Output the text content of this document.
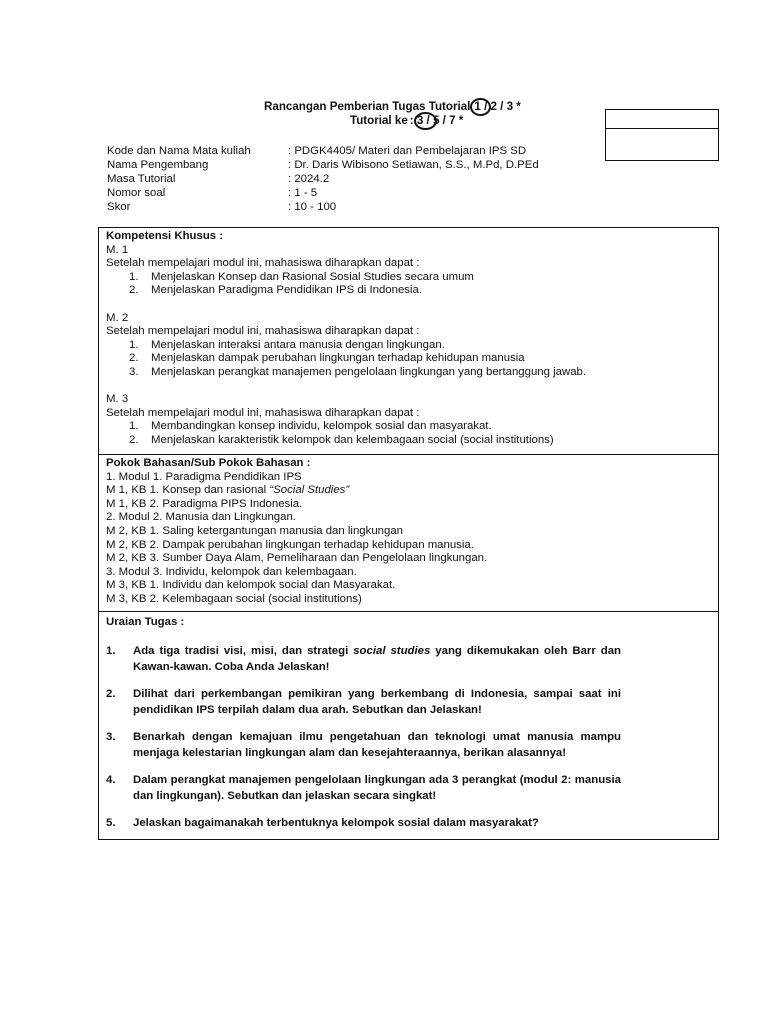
Rancangan Pemberian Tugas Tutorial 1 / 2 / 3 *
Tutorial ke : 3 / 5 / 7 *
Kode dan Nama Mata kuliah	: PDGK4405/ Materi dan Pembelajaran IPS SD
Nama Pengembang	: Dr. Daris Wibisono Setiawan, S.S., M.Pd, D.PEd
Masa Tutorial	: 2024.2
Nomor soal	: 1 - 5
Skor	: 10 - 100
Kompetensi Khusus :
M. 1
Setelah mempelajari modul ini, mahasiswa diharapkan dapat :
1. Menjelaskan Konsep dan Rasional Sosial Studies secara umum
2. Menjelaskan Paradigma Pendidikan IPS di Indonesia.
M. 2
Setelah mempelajari modul ini, mahasiswa diharapkan dapat :
1. Menjelaskan interaksi antara manusia dengan lingkungan.
2. Menjelaskan dampak perubahan lingkungan terhadap kehidupan manusia
3. Menjelaskan perangkat manajemen pengelolaan lingkungan yang bertanggung jawab.
M. 3
Setelah mempelajari modul ini, mahasiswa diharapkan dapat :
1. Membandingkan konsep individu, kelompok sosial dan masyarakat.
2. Menjelaskan karakteristik kelompok dan kelembagaan social (social institutions)
Pokok Bahasan/Sub Pokok Bahasan :
1. Modul 1. Paradigma Pendidikan IPS
M 1, KB 1. Konsep dan rasional “Social Studies”
M 1, KB 2. Paradigma PIPS Indonesia.
2. Modul 2. Manusia dan Lingkungan.
M 2, KB 1. Saling ketergantungan manusia dan lingkungan
M 2, KB 2. Dampak perubahan lingkungan terhadap kehidupan manusia.
M 2, KB 3. Sumber Daya Alam, Pemeliharaan dan Pengelolaan lingkungan.
3. Modul 3. Individu, kelompok dan kelembagaan.
M 3, KB 1. Individu dan kelompok social dan Masyarakat.
M 3, KB 2. Kelembagaan social (social institutions)
Uraian Tugas :
1.	Ada tiga tradisi visi, misi, dan strategi social studies yang dikemukakan oleh Barr dan Kawan-kawan. Coba Anda Jelaskan!
2.	Dilihat dari perkembangan pemikiran yang berkembang di Indonesia, sampai saat ini pendidikan IPS terpilah dalam dua arah. Sebutkan dan Jelaskan!
3.	Benarkah dengan kemajuan ilmu pengetahuan dan teknologi umat manusia mampu menjaga kelestarian lingkungan alam dan kesejahteraannya, berikan alasannya!
4.	Dalam perangkat manajemen pengelolaan lingkungan ada 3 perangkat (modul 2: manusia dan lingkungan). Sebutkan dan jelaskan secara singkat!
5.	Jelaskan bagaimanakah terbentuknya kelompok sosial dalam masyarakat?
